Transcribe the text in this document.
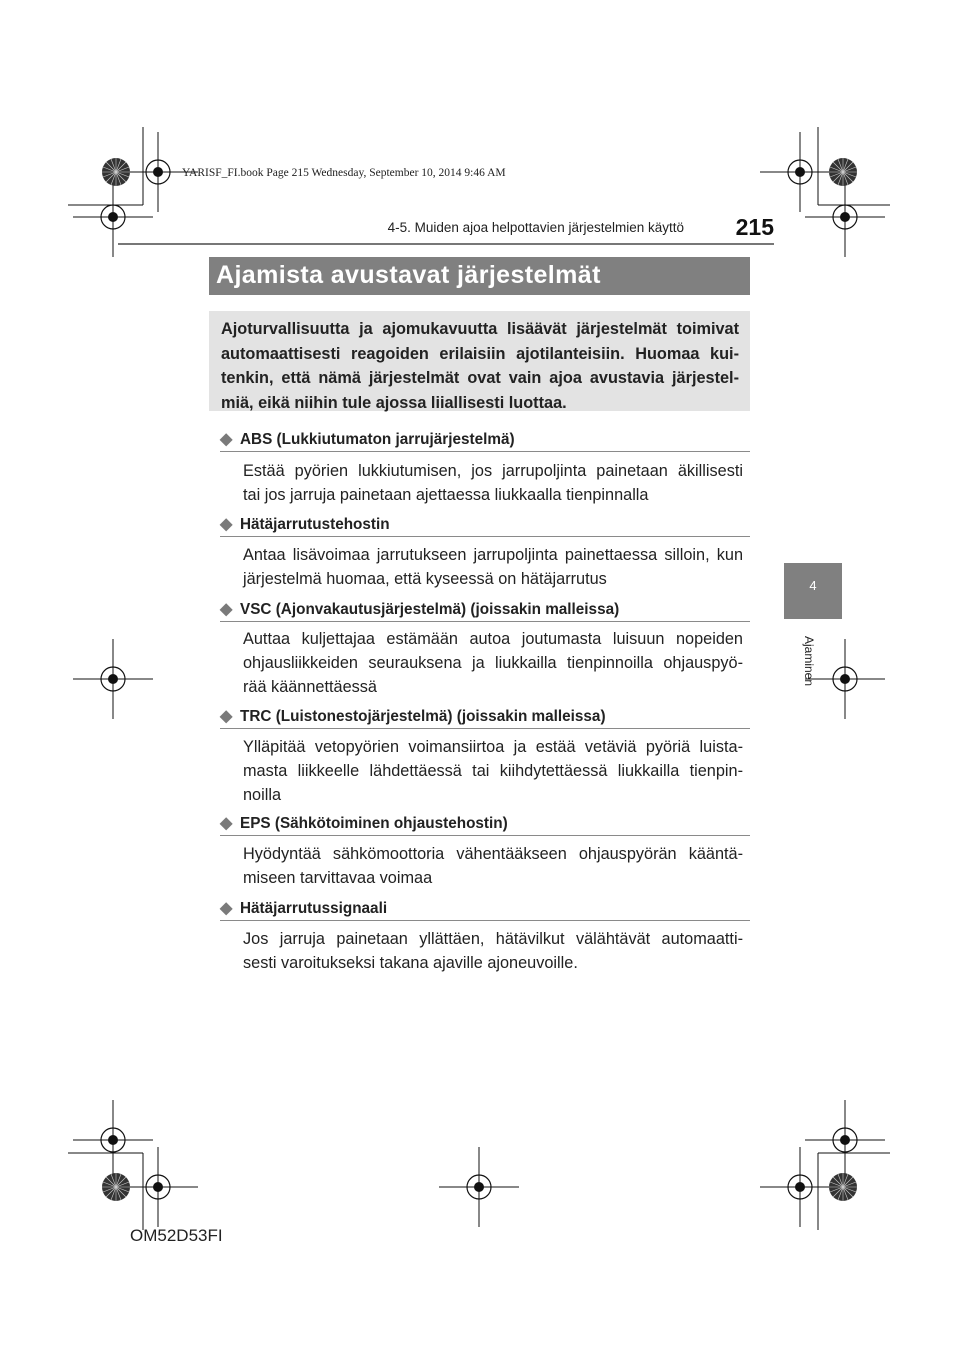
YARISF_FI.book Page 215 Wednesday, September 10, 2014 9:46 AM
4-5. Muiden ajoa helpottavien järjestelmien käyttö	215
Ajamista avustavat järjestelmät
Ajoturvallisuutta ja ajomukavuutta lisäävät järjestelmät toimivat
automaattisesti reagoiden erilaisiin ajotilanteisiin. Huomaa kui-
tenkin, että nämä järjestelmät ovat vain ajoa avustavia järjestel-
miä, eikä niihin tule ajossa liiallisesti luottaa.
4
Ajaminen
◆ ABS (Lukkiutumaton jarrujärjestelmä)
Estää pyörien lukkiutumisen, jos jarrupoljinta painetaan äkillisesti
tai jos jarruja painetaan ajettaessa liukkaalla tienpinnalla
◆ Hätäjarrutustehostin
Antaa lisävoimaa jarrutukseen jarrupoljinta painettaessa silloin, kun
järjestelmä huomaa, että kyseessä on hätäjarrutus
◆ VSC (Ajonvakautusjärjestelmä) (joissakin malleissa)
Auttaa kuljettajaa estämään autoa joutumasta luisuun nopeiden
ohjausliikkeiden seurauksena ja liukkailla tienpinnoilla ohjauspyö-
rää käännettäessä
◆ TRC (Luistonestojärjestelmä) (joissakin malleissa)
Ylläpitää vetopyörien voimansiirtoa ja estää vetäviä pyöriä luista-
masta liikkeelle lähdettäessä tai kiihdytettäessä liukkailla tienpin-
noilla
◆ EPS (Sähkötoiminen ohjaustehostin)
Hyödyntää sähkömoottoria vähentääkseen ohjauspyörän kääntä-
miseen tarvittavaa voimaa
◆ Hätäjarrutussignaali
Jos jarruja painetaan yllättäen, hätävilkut välähtävät automaatti-
sesti varoitukseksi takana ajaville ajoneuvoille.
OM52D53FI
